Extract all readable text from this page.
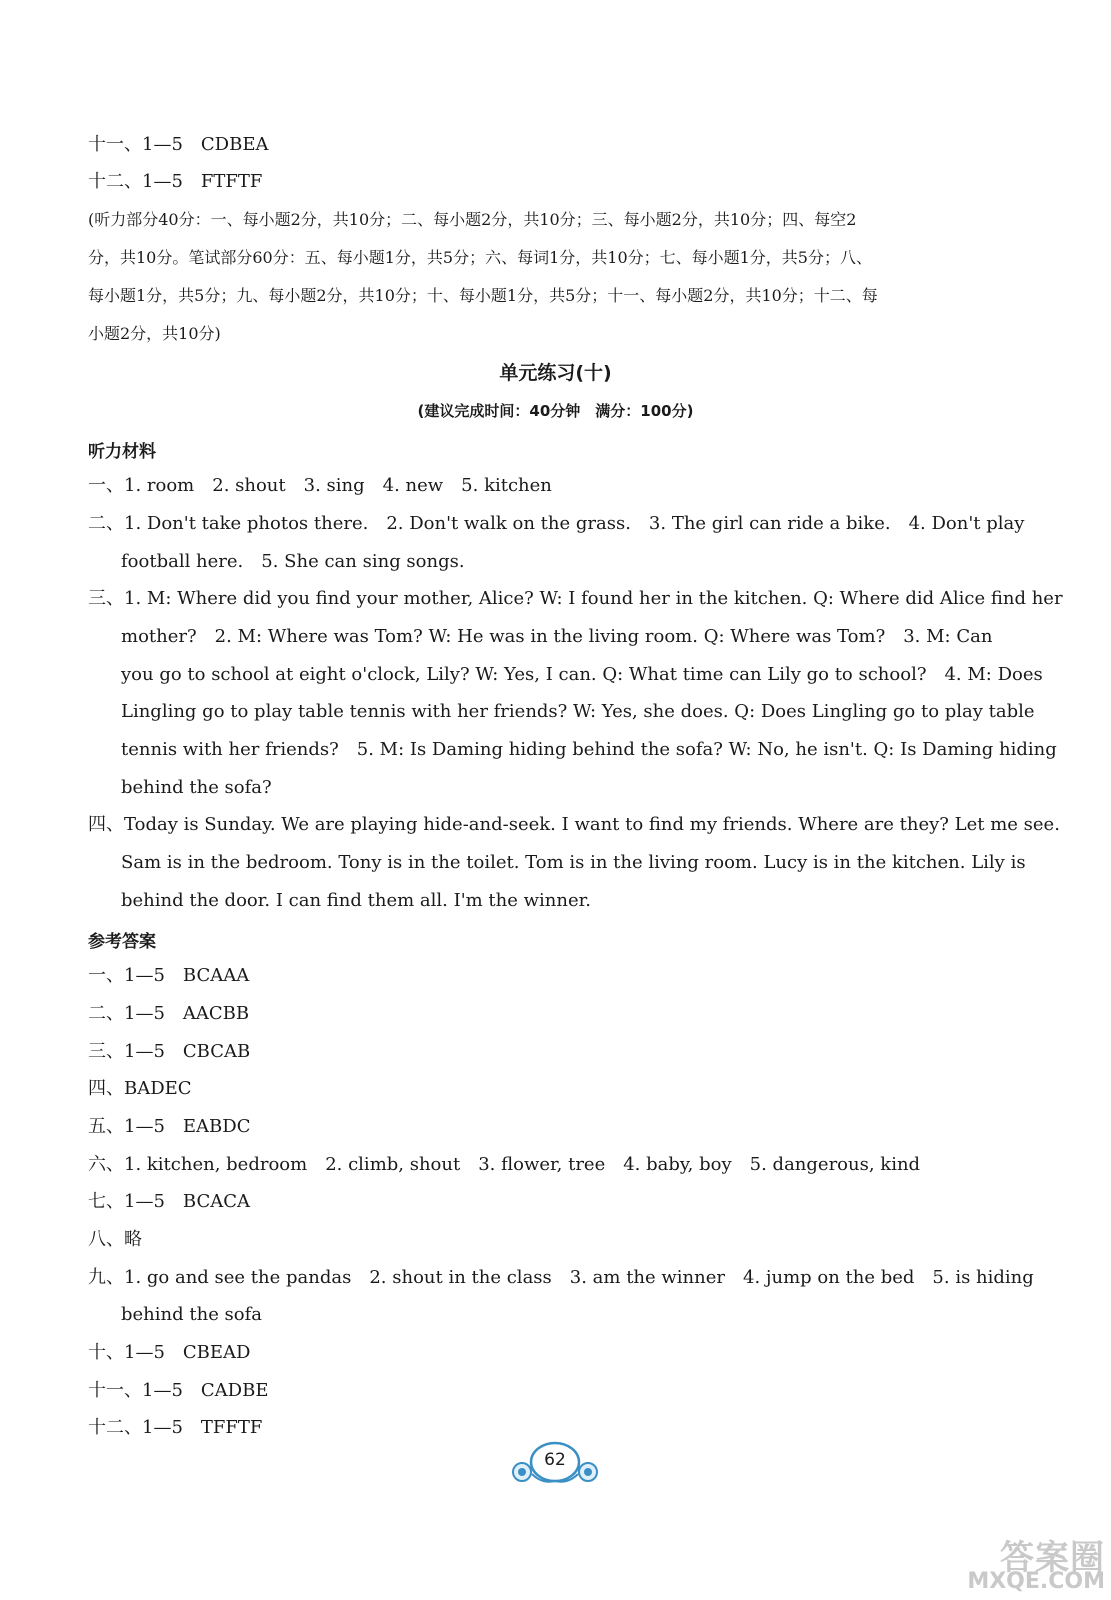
十一、1—5　CDBEA
十二、1—5　FTFTF
(听力部分40分：一、每小题2分，共10分；二、每小题2分，共10分；三、每小题2分，共10分；四、每空2
分，共10分。笔试部分60分：五、每小题1分，共5分；六、每词1分，共10分；七、每小题1分，共5分；八、
每小题1分，共5分；九、每小题2分，共10分；十、每小题1分，共5分；十一、每小题2分，共10分；十二、每
小题2分，共10分)
单元练习(十)
(建议完成时间：40分钟　满分：100分)
听力材料
一、1. room　2. shout　3. sing　4. new　5. kitchen
二、1. Don't take photos there.　2. Don't walk on the grass.　3. The girl can ride a bike.　4. Don't play
football here.　5. She can sing songs.
三、1. M: Where did you find your mother, Alice? W: I found her in the kitchen. Q: Where did Alice find her
mother?　2. M: Where was Tom? W: He was in the living room. Q: Where was Tom?　3. M: Can
you go to school at eight o'clock, Lily? W: Yes, I can. Q: What time can Lily go to school?　4. M: Does
Lingling go to play table tennis with her friends? W: Yes, she does. Q: Does Lingling go to play table
tennis with her friends?　5. M: Is Daming hiding behind the sofa? W: No, he isn't. Q: Is Daming hiding
behind the sofa?
四、Today is Sunday. We are playing hide-and-seek. I want to find my friends. Where are they? Let me see.
Sam is in the bedroom. Tony is in the toilet. Tom is in the living room. Lucy is in the kitchen. Lily is
behind the door. I can find them all. I'm the winner.
参考答案
一、1—5　BCAAA
二、1—5　AACBB
三、1—5　CBCAB
四、BADEC
五、1—5　EABDC
六、1. kitchen, bedroom　2. climb, shout　3. flower, tree　4. baby, boy　5. dangerous, kind
七、1—5　BCACA
八、略
九、1. go and see the pandas　2. shout in the class　3. am the winner　4. jump on the bed　5. is hiding
behind the sofa
十、1—5　CBEAD
十一、1—5　CADBE
十二、1—5　TFFTF
62
答案圈
MXQE.COM
